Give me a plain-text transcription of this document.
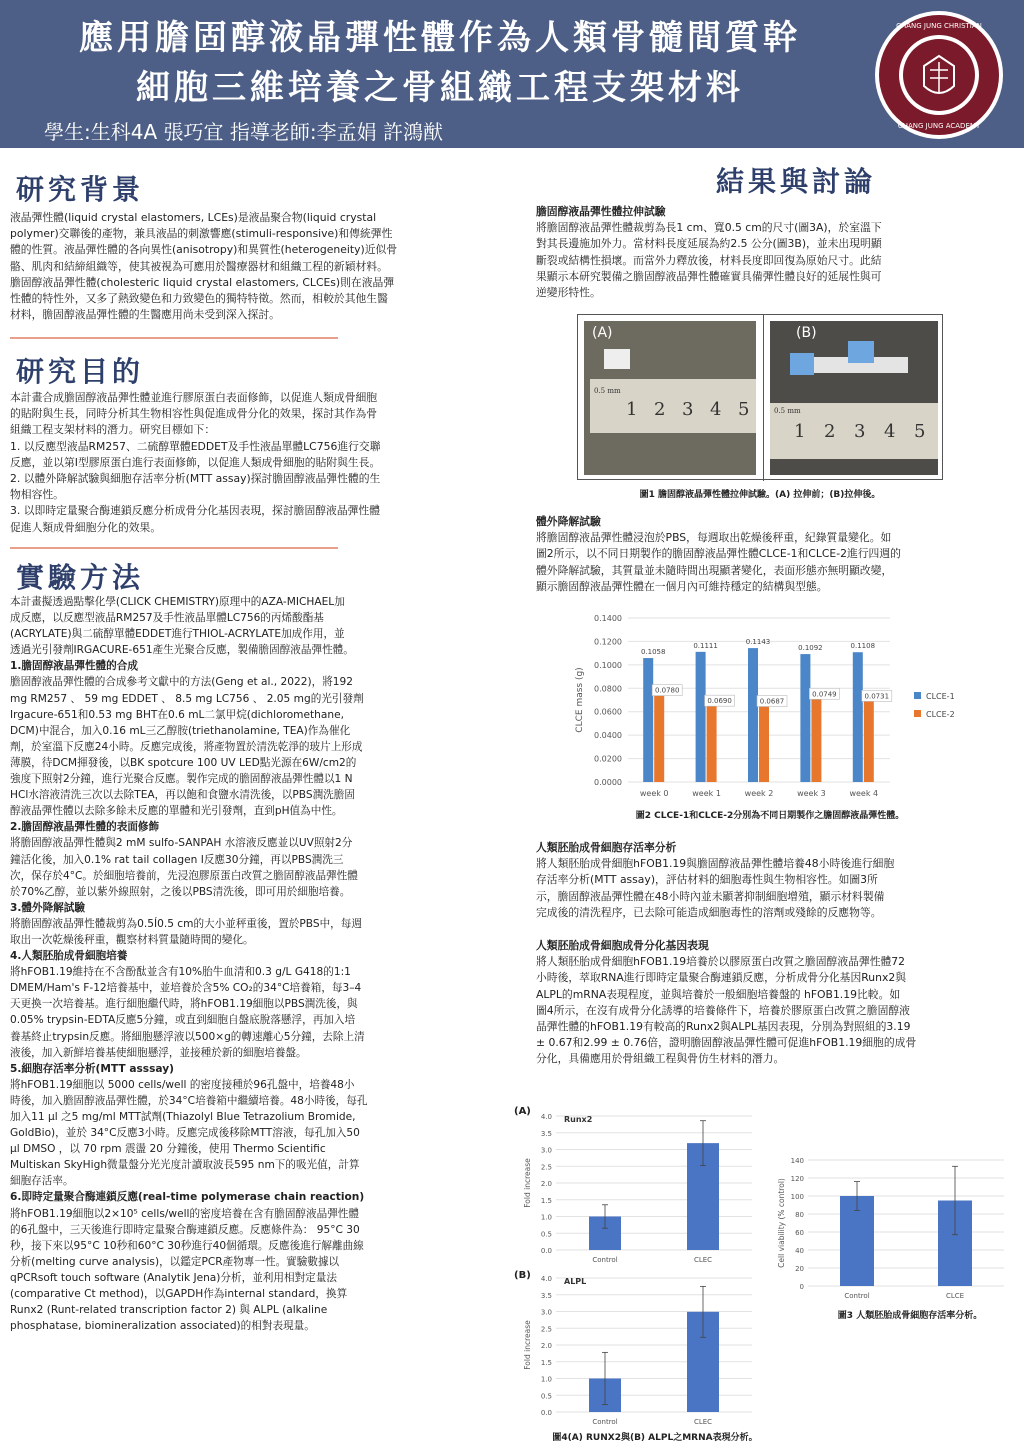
應用膽固醇液晶彈性體作為人類骨髓間質幹
細胞三維培養之骨組織工程支架材料
學生:生科4A 張巧宜 指導老師:李孟娟 許鴻猷
CHANG JUNG CHRISTIAN
CHANG JUNG ACADEMY
研究背景

液晶彈性體(liquid crystal elastomers, LCEs)是液晶聚合物(liquid crystal

polymer)交聯後的產物，兼具液晶的刺激響應(stimuli-responsive)和傳統彈性

體的性質。液晶彈性體的各向異性(anisotropy)和異質性(heterogeneity)近似骨

骼、肌肉和結締組織等，使其被視為可應用於醫療器材和組織工程的新穎材料。

膽固醇液晶彈性體(cholesteric liquid crystal elastomers, CLCEs)則在液晶彈

性體的特性外，又多了熱致變色和力致變色的獨特特徵。然而，相較於其他生醫

材料，膽固醇液晶彈性體的生醫應用尚未受到深入探討。

研究目的

本計畫合成膽固醇液晶彈性體並進行膠原蛋白表面修飾，以促進人類成骨細胞

的貼附與生長，同時分析其生物相容性與促進成骨分化的效果，探討其作為骨

組織工程支架材料的潛力。研究目標如下：

1. 以反應型液晶RM257、二硫醇單體EDDET及手性液晶單體LC756進行交聯

反應，並以第I型膠原蛋白進行表面修飾，以促進人類成骨細胞的貼附與生長。

2. 以體外降解試驗與細胞存活率分析(MTT assay)探討膽固醇液晶彈性體的生

物相容性。

3. 以即時定量聚合酶連鎖反應分析成骨分化基因表現，探討膽固醇液晶彈性體

促進人類成骨細胞分化的效果。

實驗方法

本計畫擬透過點擊化學(CLICK CHEMISTRY)原理中的AZA-MICHAEL加

成反應，以反應型液晶RM257及手性液晶單體LC756的丙烯酸酯基

(ACRYLATE)與二硫醇單體EDDET進行THIOL-ACRYLATE加成作用，並

透過光引發劑IRGACURE-651產生光聚合反應，製備膽固醇液晶彈性體。

1.膽固醇液晶彈性體的合成

膽固醇液晶彈性體的合成參考文獻中的方法(Geng et al., 2022)，將192

mg RM257 、 59 mg EDDET 、 8.5 mg LC756 、 2.05 mg的光引發劑

Irgacure-651和0.53 mg BHT在0.6 mL二氯甲烷(dichloromethane,

DCM)中混合，加入0.16 mL三乙醇胺(triethanolamine, TEA)作為催化

劑，於室溫下反應24小時。反應完成後，將產物置於清洗乾淨的玻片上形成

薄膜，待DCM揮發後，以BK spotcure 100 UV LED點光源在6W/cm2的

強度下照射2分鐘，進行光聚合反應。製作完成的膽固醇液晶彈性體以1 N

HCl水溶液清洗三次以去除TEA，再以飽和食鹽水清洗後，以PBS潤洗膽固

醇液晶彈性體以去除多餘未反應的單體和光引發劑，直到pH值為中性。

2.膽固醇液晶彈性體的表面修飾

將膽固醇液晶彈性體與2 mM sulfo-SANPAH 水溶液反應並以UV照射2分

鐘活化後，加入0.1% rat tail collagen I反應30分鐘，再以PBS潤洗三

次，保存於4°C。於細胞培養前，先浸泡膠原蛋白改質之膽固醇液晶彈性體

於70%乙醇，並以紫外線照射，之後以PBS清洗後，即可用於細胞培養。

3.體外降解試驗

將膽固醇液晶彈性體裁剪為0.5Í0.5 cm的大小並秤重後，置於PBS中，每週

取出一次乾燥後秤重，觀察材料質量隨時間的變化。

4.人類胚胎成骨細胞培養

將hFOB1.19維持在不含酚酞並含有10%胎牛血清和0.3 g/L G418的1:1

DMEM/Ham's F-12培養基中，並培養於含5% CO₂的34°C培養箱，每3–4

天更換一次培養基。進行細胞繼代時，將hFOB1.19細胞以PBS潤洗後，與

0.05% trypsin-EDTA反應5分鐘，或直到細胞自盤底脫落懸浮，再加入培

養基終止trypsin反應。將細胞懸浮液以500×g的轉速離心5分鐘，去除上清

液後，加入新鮮培養基使細胞懸浮，並接種於新的細胞培養盤。

5.細胞存活率分析(MTT asssay)

將hFOB1.19細胞以 5000 cells/well 的密度接種於96孔盤中，培養48小

時後，加入膽固醇液晶彈性體，於34°C培養箱中繼續培養。48小時後，每孔

加入11 μl 之5 mg/ml MTT試劑(Thiazolyl Blue Tetrazolium Bromide,

GoldBio)，並於 34°C反應3小時。反應完成後移除MTT溶液，每孔加入50

μl DMSO ，以 70 rpm 震盪 20 分鐘後，使用 Thermo Scientific

Multiskan SkyHigh微量盤分光光度計讀取波長595 nm下的吸光值，計算

細胞存活率。

6.即時定量聚合酶連鎖反應(real-time polymerase chain reaction)

將hFOB1.19細胞以2×10⁵ cells/well的密度培養在含有膽固醇液晶彈性體

的6孔盤中，三天後進行即時定量聚合酶連鎖反應。反應條件為： 95°C 30

秒，接下來以95°C 10秒和60°C 30秒進行40個循環。反應後進行解離曲線

分析(melting curve analysis)，以鑑定PCR產物專一性。實驗數據以

qPCRsoft touch software (Analytik Jena)分析，並利用相對定量法

(comparative Ct method)，以GAPDH作為internal standard，換算

Runx2 (Runt-related transcription factor 2) 與 ALPL (alkaline

phosphatase, biomineralization associated)的相對表現量。

結果與討論

膽固醇液晶彈性體拉伸試驗

將膽固醇液晶彈性體裁剪為長1 cm、寬0.5 cm的尺寸(圖3A)，於室溫下

對其長邊施加外力。當材料長度延展為約2.5 公分(圖3B)，並未出現明顯

斷裂或結構性損壞。而當外力釋放後，材料長度即回復為原始尺寸。此結

果顯示本研究製備之膽固醇液晶彈性體確實具備彈性體良好的延展性與可

逆變形特性。

0.5 mm
1 2 3 4 5
(A)
0.5 mm
1 2 3 4 5
(B)
圖1 膽固醇液晶彈性體拉伸試驗。(A) 拉伸前；(B)拉伸後。

體外降解試驗

將膽固醇液晶彈性體浸泡於PBS，每週取出乾燥後秤重，紀錄質量變化。如

圖2所示，以不同日期製作的膽固醇液晶彈性體CLCE-1和CLCE-2進行四週的

體外降解試驗，其質量並未隨時間出現顯著變化，表面形態亦無明顯改變，

顯示膽固醇液晶彈性體在一個月內可維持穩定的結構與型態。

0.0000
0.0200
0.0400
0.0600
0.0800
0.1000
0.1200
0.1400
CLCE mass (g)
week 0
0.1058
0.0780
week 1
0.1111
0.0690
week 2
0.1143
0.0687
week 3
0.1092
0.0749
week 4
0.1108
0.0731	CLCE-1
CLCE-2
圖2 CLCE-1和CLCE-2分別為不同日期製作之膽固醇液晶彈性體。

人類胚胎成骨細胞存活率分析

將人類胚胎成骨細胞hFOB1.19與膽固醇液晶彈性體培養48小時後進行細胞

存活率分析(MTT assay)，評估材料的細胞毒性與生物相容性。如圖3所

示，膽固醇液晶彈性體在48小時內並未顯著抑制細胞增殖，顯示材料製備

完成後的清洗程序，已去除可能造成細胞毒性的溶劑或殘餘的反應物等。

人類胚胎成骨細胞成骨分化基因表現

將人類胚胎成骨細胞hFOB1.19培養於以膠原蛋白改質之膽固醇液晶彈性體72

小時後，萃取RNA進行即時定量聚合酶連鎖反應，分析成骨分化基因Runx2與

ALPL的mRNA表現程度，並與培養於一般細胞培養盤的 hFOB1.19比較。如

圖4所示，在沒有成骨分化誘導的培養條件下，培養於膠原蛋白改質之膽固醇液

晶彈性體的hFOB1.19有較高的Runx2與ALPL基因表現，分別為對照組的3.19

± 0.67和2.99 ± 0.76倍，證明膽固醇液晶彈性體可促進hFOB1.19細胞的成骨

分化，具備應用於骨組織工程與骨仿生材料的潛力。

(A)
0.0
0.5
1.0
1.5
2.0
2.5
3.0
3.5
4.0
Fold increase
Runx2
Control	CLEC
(B)
0.0
0.5
1.0
1.5
2.0
2.5
3.0
3.5
4.0
Fold increase
ALPL
Control	CLEC
圖4(A) RUNX2與(B) ALPL之MRNA表現分析。
0
20
40
60
80
100
120
140
Cell viability (% control)
Control	CLCE
圖3 人類胚胎成骨細胞存活率分析。
